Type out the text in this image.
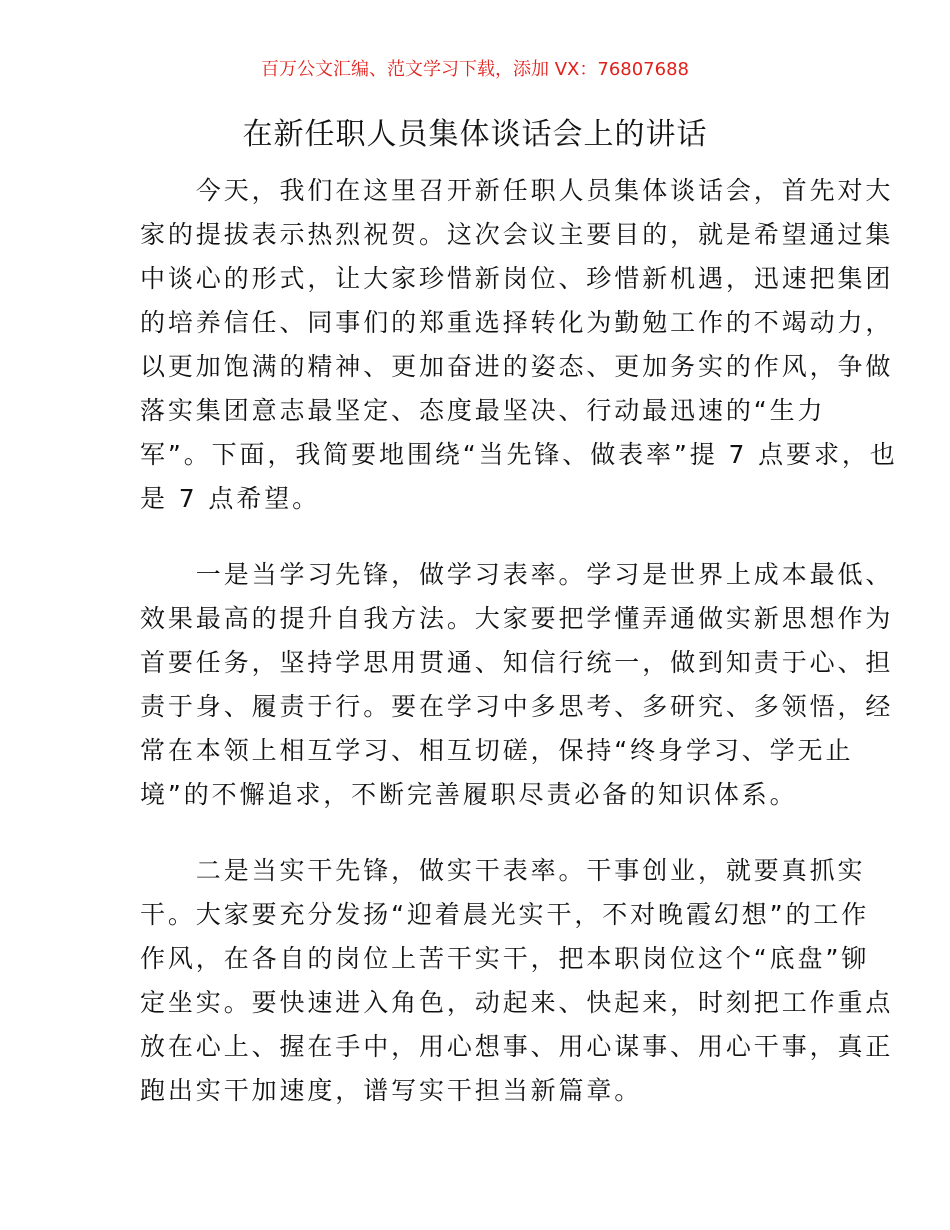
百万公文汇编、范文学习下载，添加 VX：76807688
在新任职人员集体谈话会上的讲话
　　今天，我们在这里召开新任职人员集体谈话会，首先对大
家的提拔表示热烈祝贺。这次会议主要目的，就是希望通过集
中谈心的形式，让大家珍惜新岗位、珍惜新机遇，迅速把集团
的培养信任、同事们的郑重选择转化为勤勉工作的不竭动力，
以更加饱满的精神、更加奋进的姿态、更加务实的作风，争做
落实集团意志最坚定、态度最坚决、行动最迅速的“生力
军”。下面，我简要地围绕“当先锋、做表率”提 7 点要求，也
是 7 点希望。
　　一是当学习先锋，做学习表率。学习是世界上成本最低、
效果最高的提升自我方法。大家要把学懂弄通做实新思想作为
首要任务，坚持学思用贯通、知信行统一，做到知责于心、担
责于身、履责于行。要在学习中多思考、多研究、多领悟，经
常在本领上相互学习、相互切磋，保持“终身学习、学无止
境”的不懈追求，不断完善履职尽责必备的知识体系。
　　二是当实干先锋，做实干表率。干事创业，就要真抓实
干。大家要充分发扬“迎着晨光实干，不对晚霞幻想”的工作
作风，在各自的岗位上苦干实干，把本职岗位这个“底盘”铆
定坐实。要快速进入角色，动起来、快起来，时刻把工作重点
放在心上、握在手中，用心想事、用心谋事、用心干事，真正
跑出实干加速度，谱写实干担当新篇章。
